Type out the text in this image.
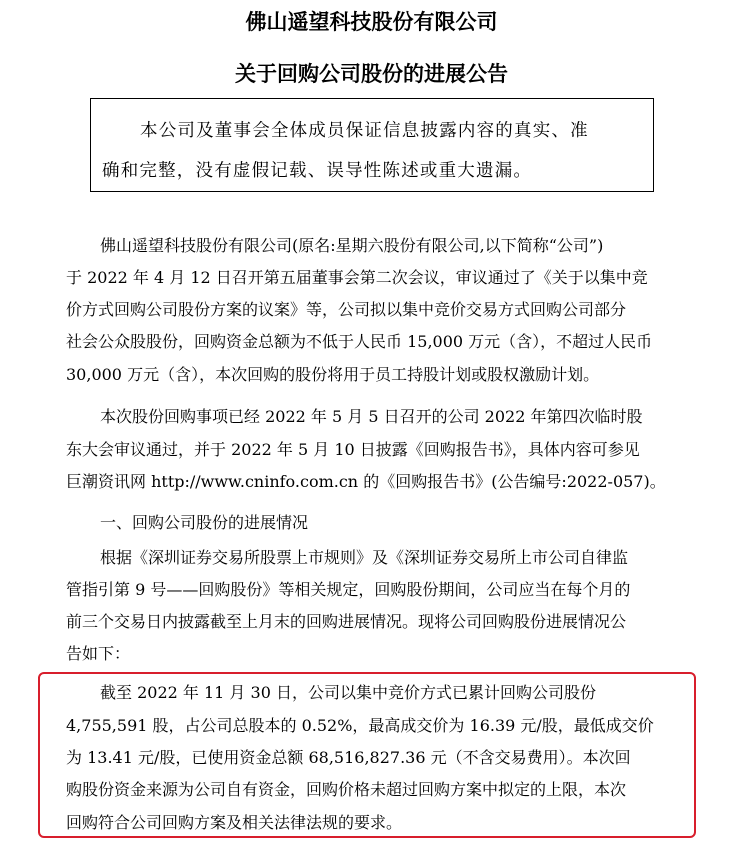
佛山遥望科技股份有限公司
关于回购公司股份的进展公告
本公司及董事会全体成员保证信息披露内容的真实、准
确和完整，没有虚假记载、误导性陈述或重大遗漏。
佛山遥望科技股份有限公司(原名:星期六股份有限公司,以下简称“公司”)
于 2022 年 4 月 12 日召开第五届董事会第二次会议，审议通过了《关于以集中竞
价方式回购公司股份方案的议案》等，公司拟以集中竞价交易方式回购公司部分
社会公众股股份，回购资金总额为不低于人民币 15,000 万元（含），不超过人民币
30,000 万元（含），本次回购的股份将用于员工持股计划或股权激励计划。
本次股份回购事项已经 2022 年 5 月 5 日召开的公司 2022 年第四次临时股
东大会审议通过，并于 2022 年 5 月 10 日披露《回购报告书》，具体内容可参见
巨潮资讯网 http://www.cninfo.com.cn 的《回购报告书》(公告编号:2022-057)。
一、回购公司股份的进展情况
根据《深圳证券交易所股票上市规则》及《深圳证券交易所上市公司自律监
管指引第 9 号——回购股份》等相关规定，回购股份期间，公司应当在每个月的
前三个交易日内披露截至上月末的回购进展情况。现将公司回购股份进展情况公
告如下：
截至 2022 年 11 月 30 日，公司以集中竞价方式已累计回购公司股份
4,755,591 股，占公司总股本的 0.52%，最高成交价为 16.39 元/股，最低成交价
为 13.41 元/股，已使用资金总额 68,516,827.36 元（不含交易费用）。本次回
购股份资金来源为公司自有资金，回购价格未超过回购方案中拟定的上限，本次
回购符合公司回购方案及相关法律法规的要求。
